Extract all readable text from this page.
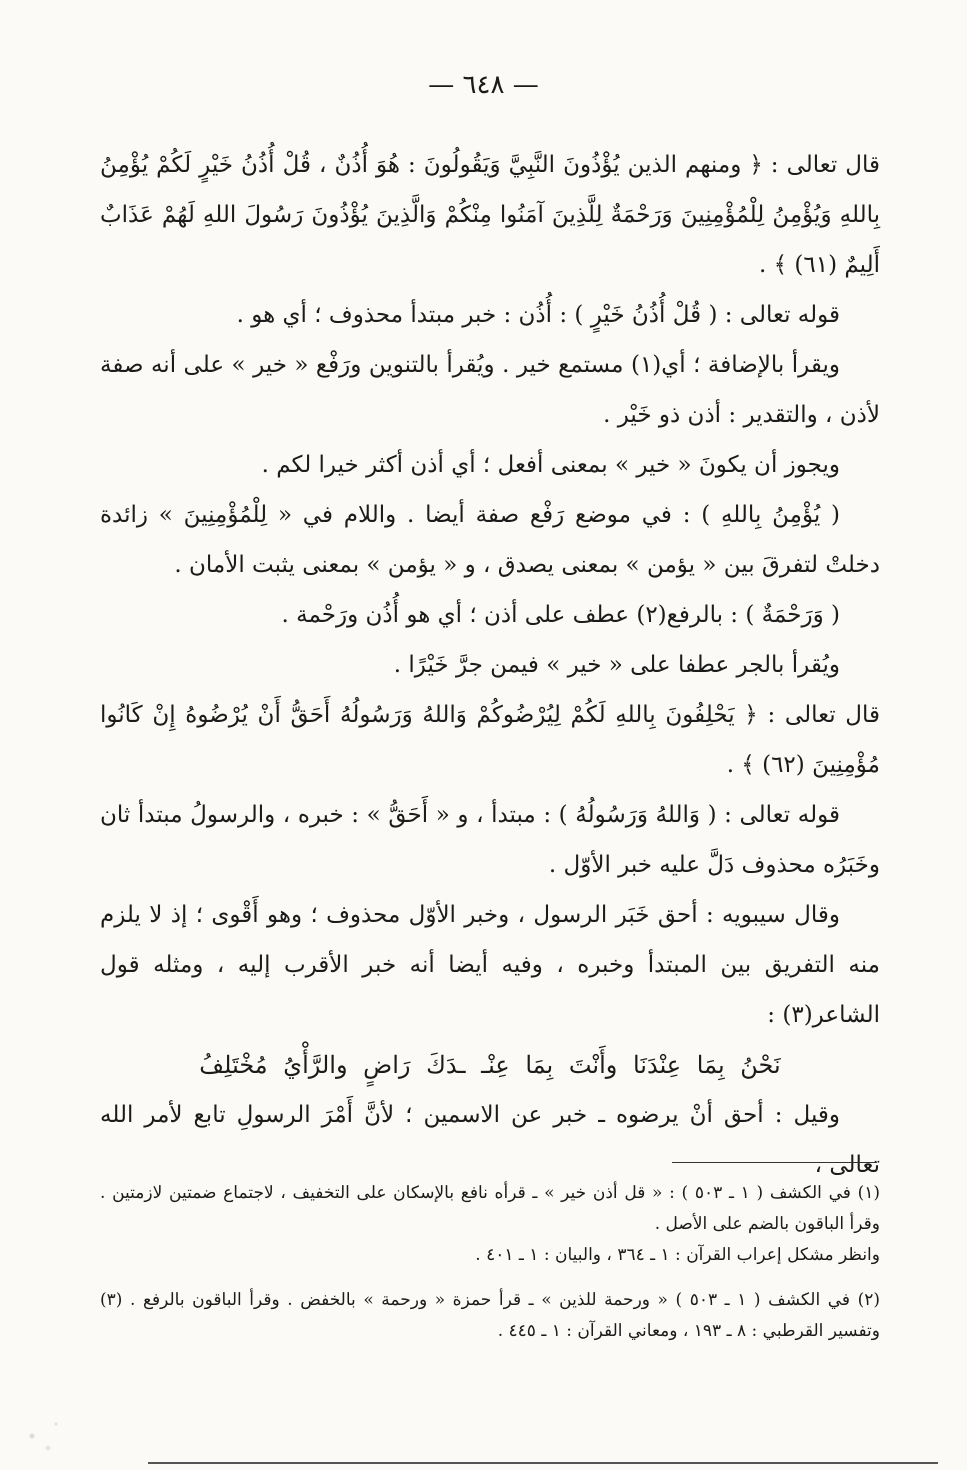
— ٦٤٨ —

قال تعالى : ﴿ ومنهم الذين يُؤْذُونَ النَّبِيَّ وَيَقُولُونَ : هُوَ أُذُنٌ ، قُلْ أُذُنُ خَيْرٍ لَكُمْ يُؤْمِنُ بِاللهِ وَيُؤْمِنُ لِلْمُؤْمِنِينَ وَرَحْمَةٌ لِلَّذِينَ آمَنُوا مِنْكُمْ وَالَّذِينَ يُؤْذُونَ رَسُولَ اللهِ لَهُمْ عَذَابٌ أَلِيمٌ (٦١) ﴾ .

قوله تعالى : ( قُلْ أُذُنُ خَيْرٍ ) : أُذُن : خبر مبتدأ محذوف ؛ أي هو .

ويقرأ بالإضافة ؛ أي(١) مستمع خير . ويُقرأ بالتنوين ورَفْع « خير » على أنه صفة لأذن ، والتقدير : أذن ذو خَيْر .

ويجوز أن يكونَ « خير » بمعنى أفعل ؛ أي أذن أكثر خيرا لكم .

( يُؤْمِنُ بِاللهِ ) : في موضع رَفْع صفة أيضا . واللام في « لِلْمُؤْمِنِينَ » زائدة دخلتْ لتفرقَ بين « يؤمن » بمعنى يصدق ، و « يؤمن » بمعنى يثبت الأمان .

( وَرَحْمَةٌ ) : بالرفع(٢) عطف على أذن ؛ أي هو أُذُن ورَحْمة .

ويُقرأ بالجر عطفا على « خير » فيمن جرَّ خَيْرًا .

قال تعالى : ﴿ يَحْلِفُونَ بِاللهِ لَكُمْ لِيُرْضُوكُمْ وَاللهُ وَرَسُولُهُ أَحَقُّ أَنْ يُرْضُوهُ إِنْ كَانُوا مُؤْمِنِينَ (٦٢) ﴾ .

قوله تعالى : ( وَاللهُ وَرَسُولُهُ ) : مبتدأ ، و « أَحَقُّ » : خبره ، والرسولُ مبتدأ ثان وخَبَرُه محذوف دَلَّ عليه خبر الأوّل .

وقال سيبويه : أحق خَبَر الرسول ، وخبر الأوّل محذوف ؛ وهو أَقْوى ؛ إذ لا يلزم منه التفريق بين المبتدأ وخبره ، وفيه أيضا أنه خبر الأقرب إليه ، ومثله قول الشاعر(٣) :

نَحْنُ بِمَا عِنْدَنَا وأَنْتَ بِمَا عِنْـ ـدَكَ رَاضٍ والرَّأْيُ مُخْتَلِفُ

وقيل : أحق أنْ يرضوه ـ خبر عن الاسمين ؛ لأنَّ أَمْرَ الرسولِ تابع لأمر الله تعالى ،

(١) في الكشف ( ١ ـ ٥٠٣ ) : « قل أذن خير » ـ قرأه نافع بالإسكان على التخفيف ، لاجتماع ضمتين لازمتين . وقرأ الباقون بالضم على الأصل .

وانظر مشكل إعراب القرآن : ١ ـ ٣٦٤ ، والبيان : ١ ـ ٤٠١ .

(٢) في الكشف ( ١ ـ ٥٠٣ ) « ورحمة للذين » ـ قرأ حمزة « ورحمة » بالخفض . وقرأ الباقون بالرفع . (٣) وتفسير القرطبي : ٨ ـ ١٩٣ ، ومعاني القرآن : ١ ـ ٤٤٥ .
